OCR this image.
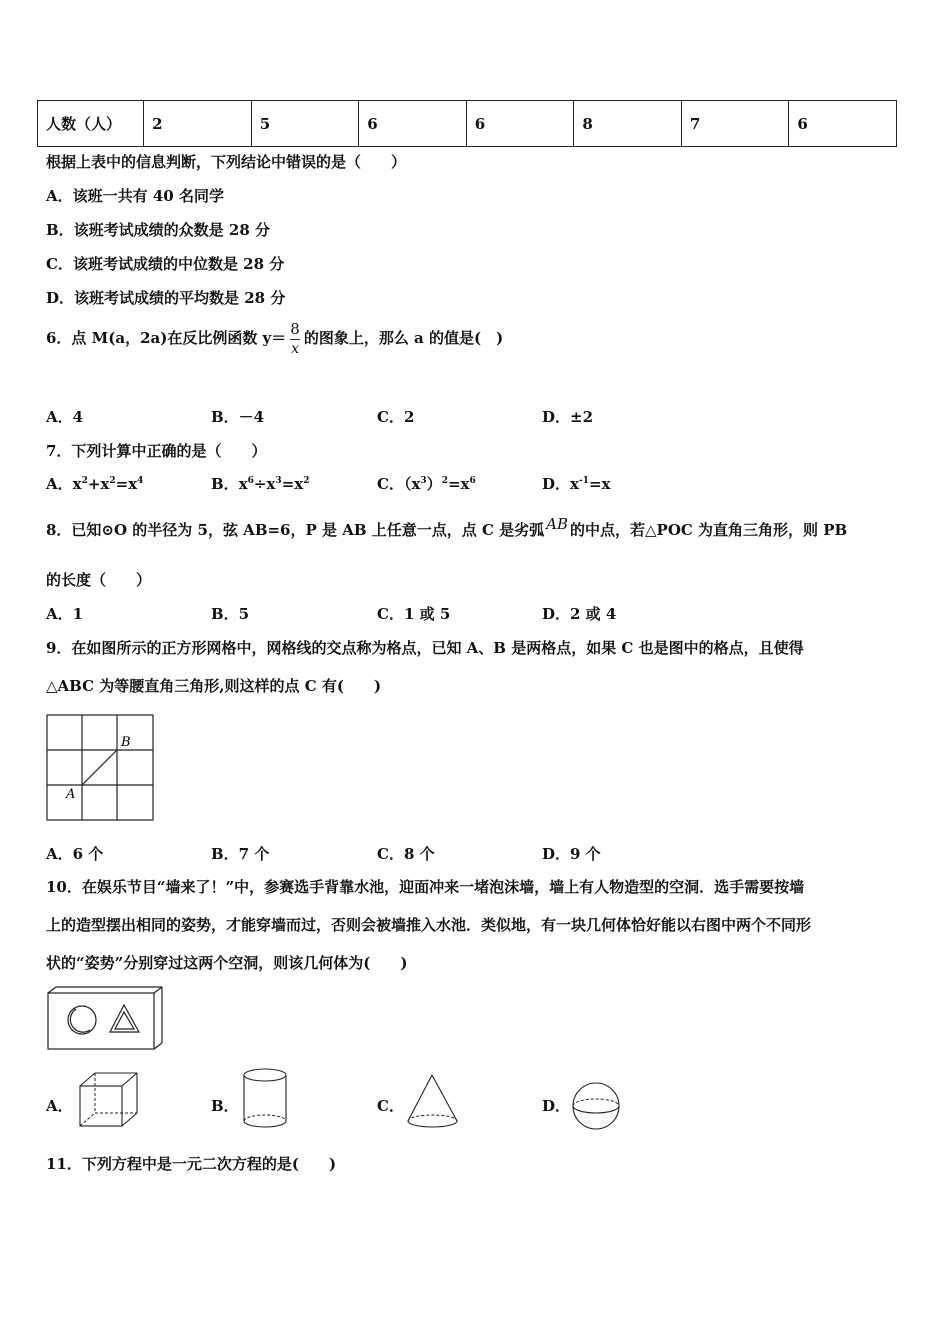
人数（人）	2	5	6	6	8	7	6
根据上表中的信息判断，下列结论中错误的是（　　）
A．该班一共有 40 名同学
B．该班考试成绩的众数是 28 分
C．该班考试成绩的中位数是 28 分
D．该班考试成绩的平均数是 28 分
6．点 M(a，2a)在反比例函数 $y= \frac{8}{x}$ 的图象上，那么 a 的值是(　)
A．4	B．－4	C．2	D．±2
7．下列计算中正确的是（　　）
A．$x^2+x^2=x^4$	B．$x^6\div x^3=x^2$	C．$(x^3)^2=x^6$	D．$x^{-1}=x$
8．已知⊙O 的半径为 5，弦 AB=6，P 是 AB 上任意一点，点 C 是劣弧 AB 的中点，若△POC 为直角三角形，则 PB
的长度（　　）
A．1	B．5	C．1 或 5	D．2 或 4
9．在如图所示的正方形网格中，网格线的交点称为格点，已知 A、B 是两格点，如果 C 也是图中的格点，且使得
△ABC 为等腰直角三角形,则这样的点 C 有(　　)
B
A
A．6 个	B．7 个	C．8 个	D．9 个
10．在娱乐节目“墙来了！”中，参赛选手背靠水池，迎面冲来一堵泡沫墙，墙上有人物造型的空洞．选手需要按墙
上的造型摆出相同的姿势，才能穿墙而过，否则会被墙推入水池．类似地，有一块几何体恰好能以右图中两个不同形
状的“姿势”分别穿过这两个空洞，则该几何体为(　　)
A．	B．	C．	D．
11．下列方程中是一元二次方程的是(　　)
